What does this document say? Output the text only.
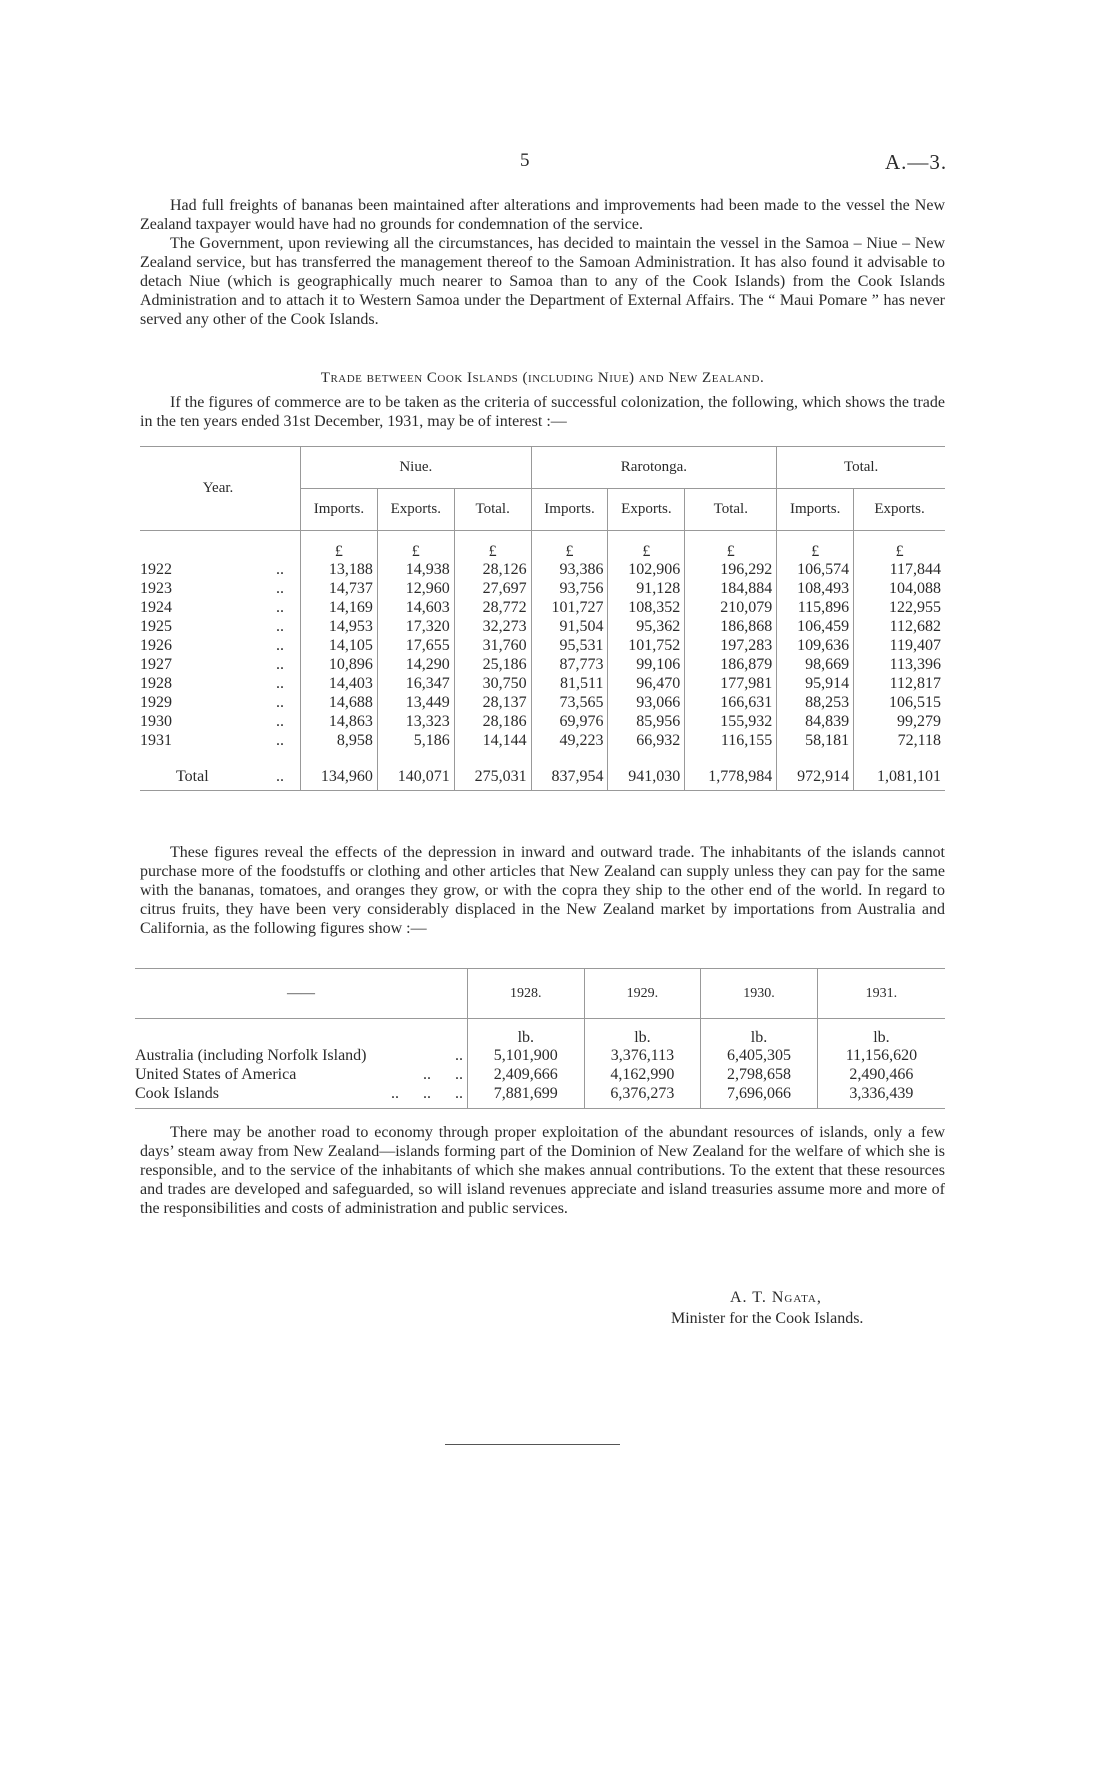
5	A.—3.

Had full freights of bananas been maintained after alterations and improvements had been made to the vessel the New Zealand taxpayer would have had no grounds for condemnation of the service.

The Government, upon reviewing all the circumstances, has decided to maintain the vessel in the Samoa – Niue – New Zealand service, but has transferred the management thereof to the Samoan Administration. It has also found it advisable to detach Niue (which is geographically much nearer to Samoa than to any of the Cook Islands) from the Cook Islands Administration and to attach it to Western Samoa under the Department of External Affairs. The “ Maui Pomare ” has never served any other of the Cook Islands.

Trade between Cook Islands (including Niue) and New Zealand.

If the figures of commerce are to be taken as the criteria of successful colonization, the following, which shows the trade in the ten years ended 31st December, 1931, may be of interest :—

Year.		Niue.			Rarotonga.			Total.	
		Imports.	Exports.	Total.	Imports.	Exports.	Total.	Imports.	Exports.
		£	£	£	£	£	£	£	£
1922	..	13,188	14,938	28,126	93,386	102,906	196,292	106,574	117,844
1923	..	14,737	12,960	27,697	93,756	91,128	184,884	108,493	104,088
1924	..	14,169	14,603	28,772	101,727	108,352	210,079	115,896	122,955
1925	..	14,953	17,320	32,273	91,504	95,362	186,868	106,459	112,682
1926	..	14,105	17,655	31,760	95,531	101,752	197,283	109,636	119,407
1927	..	10,896	14,290	25,186	87,773	99,106	186,879	98,669	113,396
1928	..	14,403	16,347	30,750	81,511	96,470	177,981	95,914	112,817
1929	..	14,688	13,449	28,137	73,565	93,066	166,631	88,253	106,515
1930	..	14,863	13,323	28,186	69,976	85,956	155,932	84,839	99,279
1931	..	8,958	5,186	14,144	49,223	66,932	116,155	58,181	72,118

Total	..	134,960	140,071	275,031	837,954	941,030	1,778,984	972,914	1,081,101

These figures reveal the effects of the depression in inward and outward trade. The inhabitants of the islands cannot purchase more of the foodstuffs or clothing and other articles that New Zealand can supply unless they can pay for the same with the bananas, tomatoes, and oranges they grow, or with the copra they ship to the other end of the world. In regard to citrus fruits, they have been very considerably displaced in the New Zealand market by importations from Australia and California, as the following figures show :—

——	1928.	1929.	1930.	1931.
	lb.	lb.	lb.	lb.
Australia (including Norfolk Island) ..	5,101,900	3,376,113	6,405,305	11,156,620
United States of America ..      ..	2,409,666	4,162,990	2,798,658	2,490,466
Cook Islands ..      ..      ..	7,881,699	6,376,273	7,696,066	3,336,439

There may be another road to economy through proper exploitation of the abundant resources of islands, only a few days’ steam away from New Zealand—islands forming part of the Dominion of New Zealand for the welfare of which she is responsible, and to the service of the inhabitants of which she makes annual contributions. To the extent that these resources and trades are developed and safeguarded, so will island revenues appreciate and island treasuries assume more and more of the responsibilities and costs of administration and public services.

A. T. Ngata,
Minister for the Cook Islands.
